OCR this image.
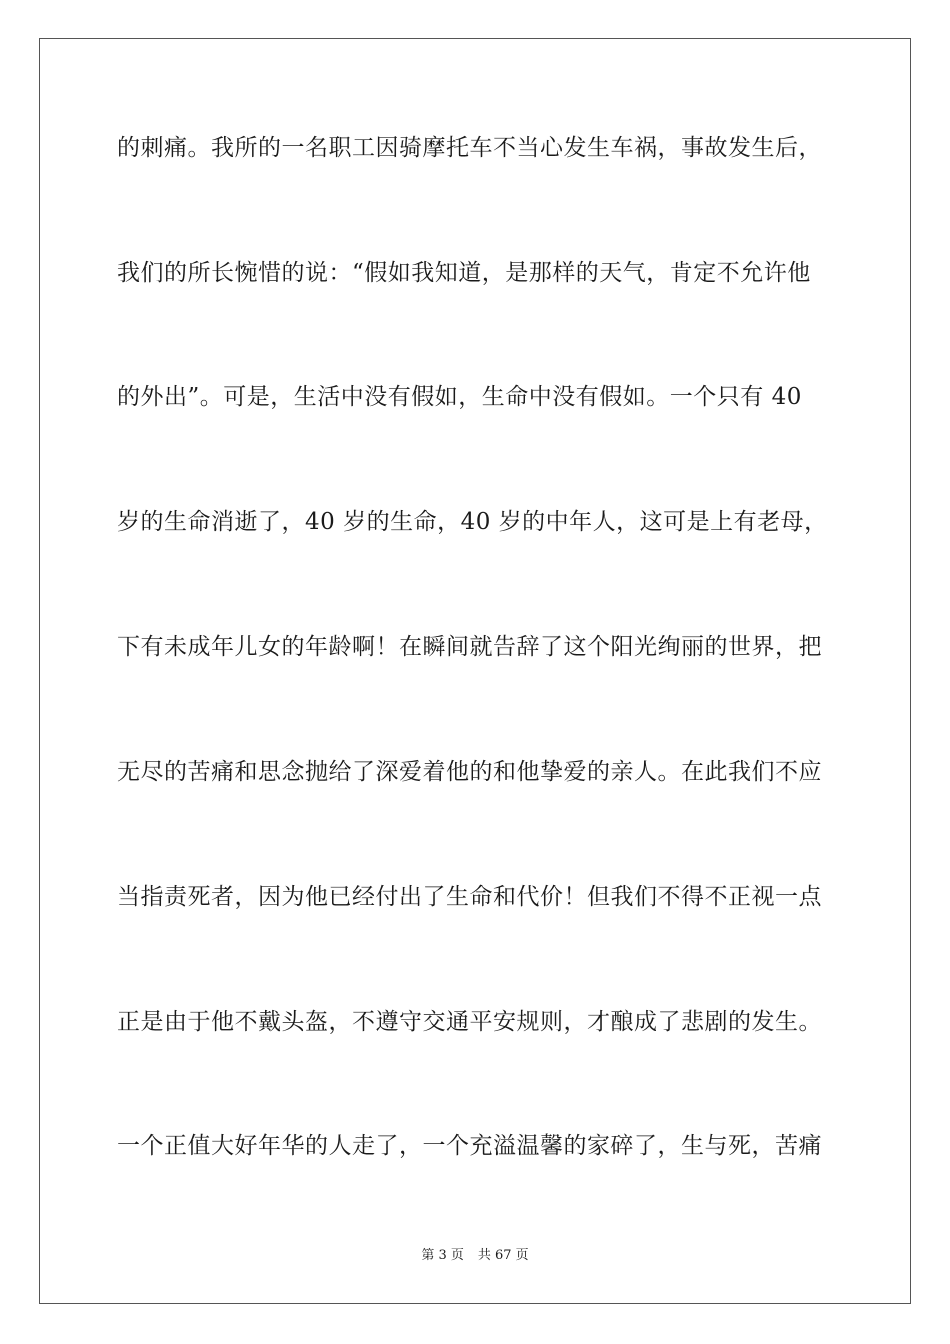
的刺痛。我所的一名职工因骑摩托车不当心发生车祸，事故发生后，
我们的所长惋惜的说：“假如我知道，是那样的天气，肯定不允许他
的外出”。可是，生活中没有假如，生命中没有假如。一个只有 40
岁的生命消逝了，40 岁的生命，40 岁的中年人，这可是上有老母，
下有未成年儿女的年龄啊！在瞬间就告辞了这个阳光绚丽的世界，把
无尽的苦痛和思念抛给了深爱着他的和他挚爱的亲人。在此我们不应
当指责死者，因为他已经付出了生命和代价！但我们不得不正视一点
正是由于他不戴头盔，不遵守交通平安规则，才酿成了悲剧的发生。
一个正值大好年华的人走了，一个充溢温馨的家碎了，生与死，苦痛
第 3 页 共 67 页
